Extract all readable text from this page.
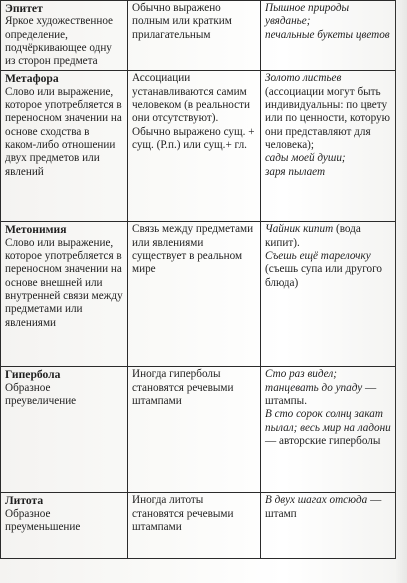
Эпитет
Яркое художественное определение, подчёркивающее одну из сторон предмета	Обычно выражено полным или кратким прилагательным	Пышное природы увяданье;
печальные букеты цветов

Метафора
Слово или выражение, которое употребляется в переносном значении на основе сходства в каком-либо отношении двух предметов или явлений	Ассоциации устанавливаются самим человеком (в реальности они отсутствуют). Обычно выражено сущ. + сущ. (Р.п.) или сущ.+ гл.	Золото листьев (ассоциации могут быть индивидуальны: по цвету или по ценности, которую они представляют для человека);
сады моей души;
заря пылает

Метонимия
Слово или выражение, которое употребляется в переносном значении на основе внешней или внутренней связи между предметами или явлениями	Связь между предметами или явлениями существует в реальном мире	Чайник кипит (вода кипит).
Съешь ещё тарелочку (съешь супа или другого блюда)

Гипербола
Образное преувеличение	Иногда гиперболы становятся речевыми штампами	Сто раз видел; танцевать до упаду — штампы.
В сто сорок солнц закат пылал; весь мир на ладони — авторские гиперболы

Литота
Образное преуменьшение	Иногда литоты становятся речевыми штампами	В двух шагах отсюда — штамп
